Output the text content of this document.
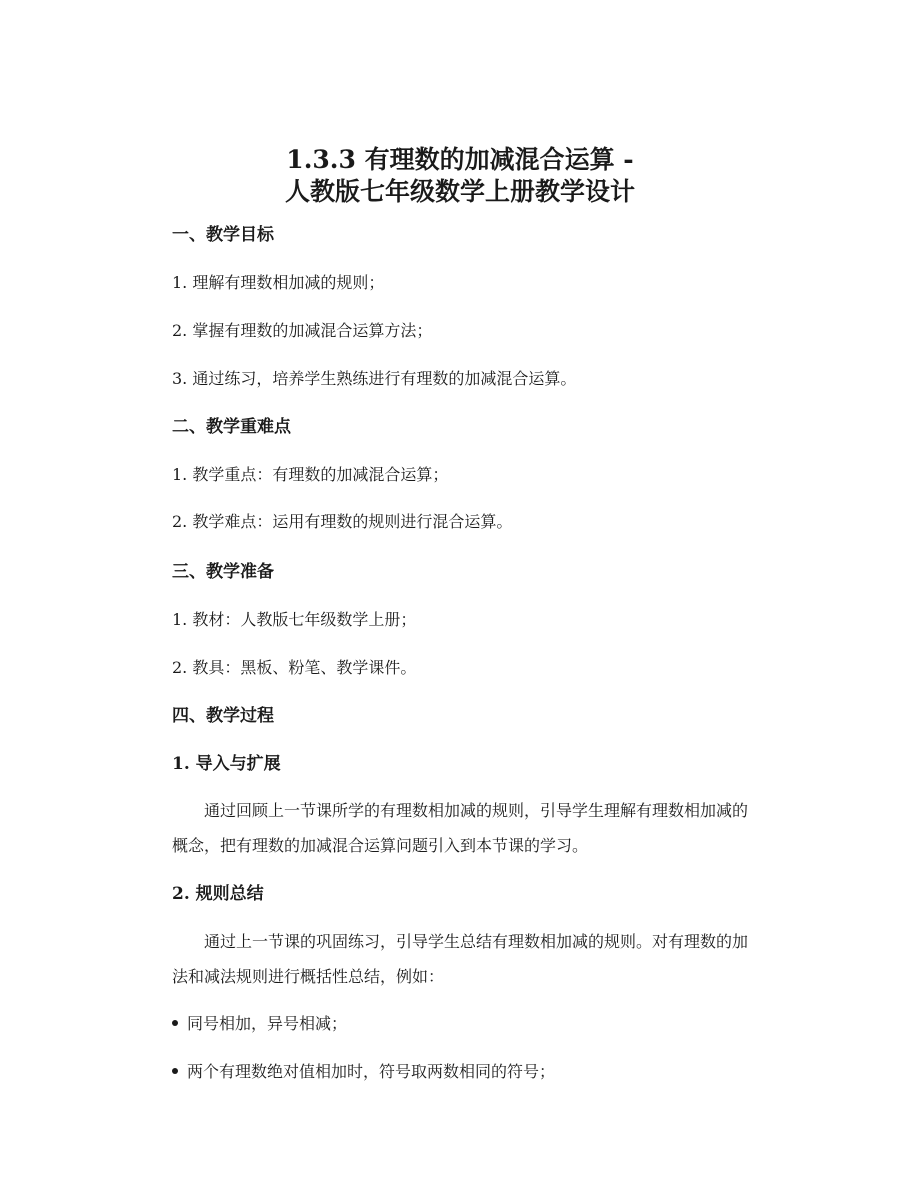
1.3.3 有理数的加减混合运算 -
人教版七年级数学上册教学设计
一、教学目标

1. 理解有理数相加减的规则；

2. 掌握有理数的加减混合运算方法；

3. 通过练习，培养学生熟练进行有理数的加减混合运算。

二、教学重难点

1. 教学重点：有理数的加减混合运算；

2. 教学难点：运用有理数的规则进行混合运算。

三、教学准备

1. 教材：人教版七年级数学上册；

2. 教具：黑板、粉笔、教学课件。

四、教学过程
1. 导入与扩展

通过回顾上一节课所学的有理数相加减的规则，引导学生理解有理数相加减的概念，把有理数的加减混合运算问题引入到本节课的学习。

2. 规则总结

通过上一节课的巩固练习，引导学生总结有理数相加减的规则。对有理数的加法和减法规则进行概括性总结，例如：

同号相加，异号相减；
两个有理数绝对值相加时，符号取两数相同的符号；
